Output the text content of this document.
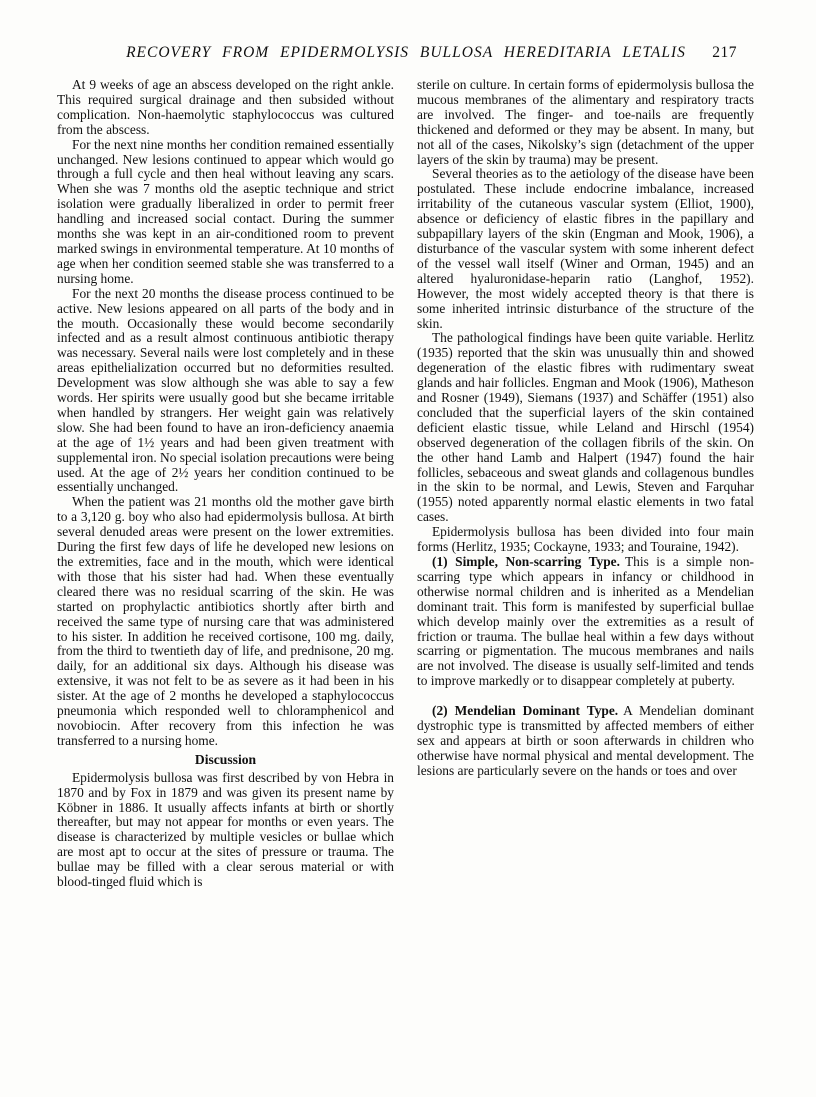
RECOVERY FROM EPIDERMOLYSIS BULLOSA HEREDITARIA LETALIS	217

At 9 weeks of age an abscess developed on the right ankle. This required surgical drainage and then subsided without complication. Non-haemolytic staphylococcus was cultured from the abscess.

For the next nine months her condition remained essentially unchanged. New lesions continued to appear which would go through a full cycle and then heal without leaving any scars. When she was 7 months old the aseptic technique and strict isolation were gradually liberalized in order to permit freer handling and increased social contact. During the summer months she was kept in an air-conditioned room to prevent marked swings in environmental temperature. At 10 months of age when her condition seemed stable she was transferred to a nursing home.

For the next 20 months the disease process continued to be active. New lesions appeared on all parts of the body and in the mouth. Occasionally these would become secondarily infected and as a result almost continuous antibiotic therapy was necessary. Several nails were lost completely and in these areas epithelialization occurred but no deformities resulted. Development was slow although she was able to say a few words. Her spirits were usually good but she became irritable when handled by strangers. Her weight gain was relatively slow. She had been found to have an iron-deficiency anaemia at the age of 1½ years and had been given treatment with supplemental iron. No special isolation precautions were being used. At the age of 2½ years her condition continued to be essentially unchanged.

When the patient was 21 months old the mother gave birth to a 3,120 g. boy who also had epidermolysis bullosa. At birth several denuded areas were present on the lower extremities. During the first few days of life he developed new lesions on the extremities, face and in the mouth, which were identical with those that his sister had had. When these eventually cleared there was no residual scarring of the skin. He was started on prophylactic antibiotics shortly after birth and received the same type of nursing care that was administered to his sister. In addition he received cortisone, 100 mg. daily, from the third to twentieth day of life, and prednisone, 20 mg. daily, for an additional six days. Although his disease was extensive, it was not felt to be as severe as it had been in his sister. At the age of 2 months he developed a staphylococcus pneumonia which responded well to chloramphenicol and novobiocin. After recovery from this infection he was transferred to a nursing home.

Discussion

Epidermolysis bullosa was first described by von Hebra in 1870 and by Fox in 1879 and was given its present name by Köbner in 1886. It usually affects infants at birth or shortly thereafter, but may not appear for months or even years. The disease is characterized by multiple vesicles or bullae which are most apt to occur at the sites of pressure or trauma. The bullae may be filled with a clear serous material or with blood-tinged fluid which is

sterile on culture. In certain forms of epidermolysis bullosa the mucous membranes of the alimentary and respiratory tracts are involved. The finger- and toe-nails are frequently thickened and deformed or they may be absent. In many, but not all of the cases, Nikolsky’s sign (detachment of the upper layers of the skin by trauma) may be present.

Several theories as to the aetiology of the disease have been postulated. These include endocrine imbalance, increased irritability of the cutaneous vascular system (Elliot, 1900), absence or deficiency of elastic fibres in the papillary and subpapillary layers of the skin (Engman and Mook, 1906), a disturbance of the vascular system with some inherent defect of the vessel wall itself (Winer and Orman, 1945) and an altered hyaluronidase-heparin ratio (Langhof, 1952). However, the most widely accepted theory is that there is some inherited intrinsic disturbance of the structure of the skin.

The pathological findings have been quite variable. Herlitz (1935) reported that the skin was unusually thin and showed degeneration of the elastic fibres with rudimentary sweat glands and hair follicles. Engman and Mook (1906), Matheson and Rosner (1949), Siemans (1937) and Schäffer (1951) also concluded that the superficial layers of the skin contained deficient elastic tissue, while Leland and Hirschl (1954) observed degeneration of the collagen fibrils of the skin. On the other hand Lamb and Halpert (1947) found the hair follicles, sebaceous and sweat glands and collagenous bundles in the skin to be normal, and Lewis, Steven and Farquhar (1955) noted apparently normal elastic elements in two fatal cases.

Epidermolysis bullosa has been divided into four main forms (Herlitz, 1935; Cockayne, 1933; and Touraine, 1942).

(1) Simple, Non-scarring Type. This is a simple non-scarring type which appears in infancy or childhood in otherwise normal children and is inherited as a Mendelian dominant trait. This form is manifested by superficial bullae which develop mainly over the extremities as a result of friction or trauma. The bullae heal within a few days without scarring or pigmentation. The mucous membranes and nails are not involved. The disease is usually self-limited and tends to improve markedly or to disappear completely at puberty.

(2) Mendelian Dominant Type. A Mendelian dominant dystrophic type is transmitted by affected members of either sex and appears at birth or soon afterwards in children who otherwise have normal physical and mental development. The lesions are particularly severe on the hands or toes and over
